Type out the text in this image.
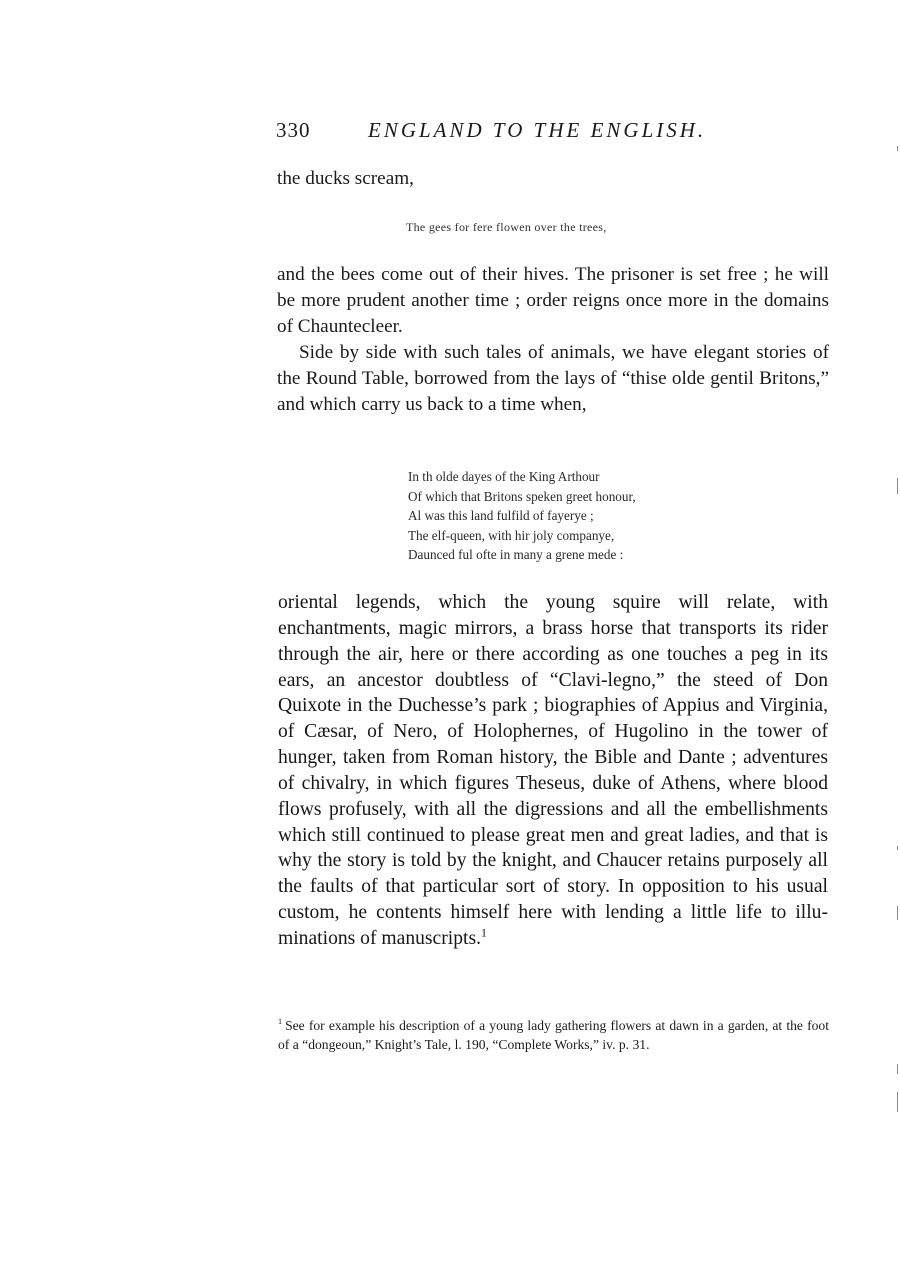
330	ENGLAND TO THE ENGLISH.

the ducks scream,

The gees for fere flowen over the trees,

and the bees come out of their hives. The prisoner is set free ; he will be more prudent another time ; order reigns once more in the domains of Chauntecleer.

Side by side with such tales of animals, we have elegant stories of the Round Table, borrowed from the lays of “thise olde gentil Britons,” and which carry us back to a time when,

In th olde dayes of the King Arthour
Of which that Britons speken greet honour,
Al was this land fulfild of fayerye ;
The elf-queen, with hir joly companye,
Daunced ful ofte in many a grene mede :

oriental legends, which the young squire will relate, with enchantments, magic mirrors, a brass horse that transports its rider through the air, here or there according as one touches a peg in its ears, an ancestor doubtless of “Clavi-legno,” the steed of Don Quixote in the Duchesse’s park ; biographies of Appius and Virginia, of Cæsar, of Nero, of Holophernes, of Hugolino in the tower of hunger, taken from Roman history, the Bible and Dante ; adventures of chivalry, in which figures Theseus, duke of Athens, where blood flows profusely, with all the digressions and all the embellishments which still continued to please great men and great ladies, and that is why the story is told by the knight, and Chaucer retains purposely all the faults of that particular sort of story. In opposition to his usual custom, he contents himself here with lending a little life to illu-minations of manuscripts.$^1$

$^1$ See for example his description of a young lady gathering flowers at dawn in a garden, at the foot of a “dongeoun,” Knight’s Tale, l. 190, “Complete Works,” iv. p. 31.
